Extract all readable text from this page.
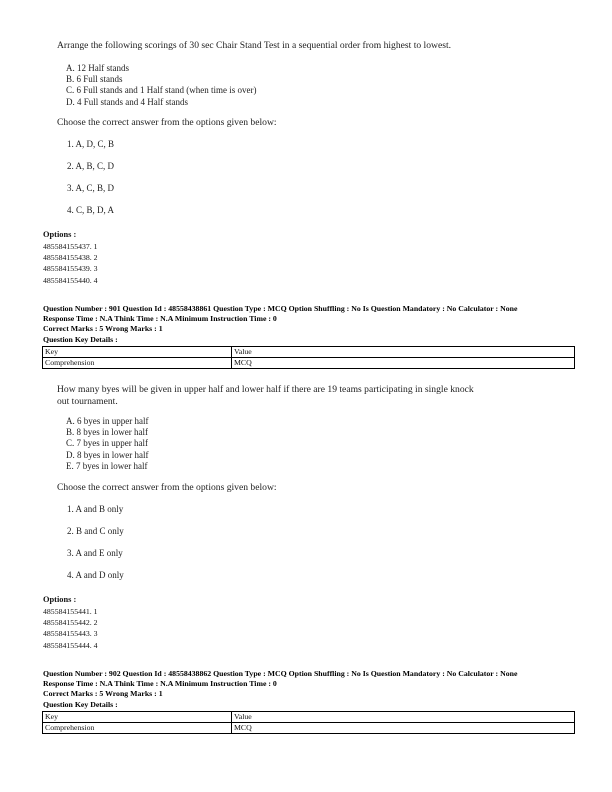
Arrange the following scorings of 30 sec Chair Stand Test in a sequential order from highest to lowest.
A. 12 Half stands
B. 6 Full stands
C. 6 Full stands and 1 Half stand (when time is over)
D. 4 Full stands and 4 Half stands
Choose the correct answer from the options given below:
1. A, D, C, B
2. A, B, C, D
3. A, C, B, D
4. C, B, D, A
Options :
485584155437. 1
485584155438. 2
485584155439. 3
485584155440. 4
Question Number : 901 Question Id : 48558438861 Question Type : MCQ Option Shuffling : No Is Question Mandatory : No Calculator : None
Response Time : N.A Think Time : N.A Minimum Instruction Time : 0
Correct Marks : 5 Wrong Marks : 1
Question Key Details :
Key	Value
Comprehension	MCQ
How many byes will be given in upper half and lower half if there are 19 teams participating in single knock
out tournament.
A. 6 byes in upper half
B. 8 byes in lower half
C. 7 byes in upper half
D. 8 byes in lower half
E. 7 byes in lower half
Choose the correct answer from the options given below:
1. A and B only
2. B and C only
3. A and E only
4. A and D only
Options :
485584155441. 1
485584155442. 2
485584155443. 3
485584155444. 4
Question Number : 902 Question Id : 48558438862 Question Type : MCQ Option Shuffling : No Is Question Mandatory : No Calculator : None
Response Time : N.A Think Time : N.A Minimum Instruction Time : 0
Correct Marks : 5 Wrong Marks : 1
Question Key Details :
Key	Value
Comprehension	MCQ
